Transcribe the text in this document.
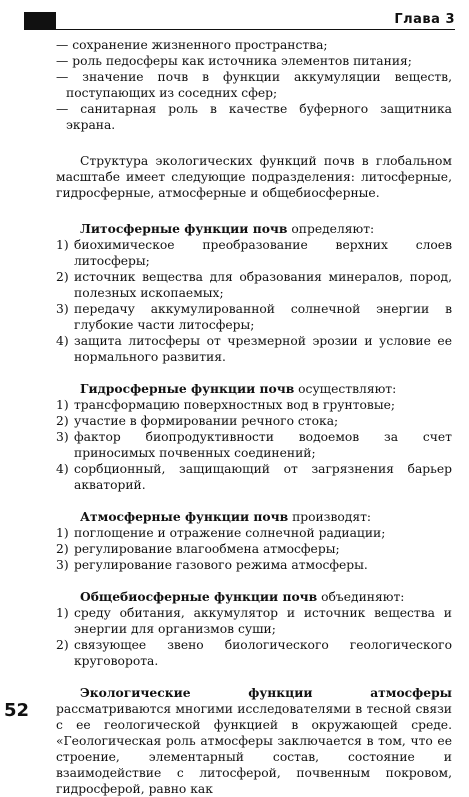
Глава 3
— сохранение жизненного пространства;
— роль педосферы как источника элементов питания;
— значение почв в функции аккумуляции веществ, поступающих из соседних сфер;
— санитарная роль в качестве буферного защитника экрана.
Структура экологических функций почв в глобальном масштабе имеет следующие подразделения: литосферные, гидросферные, атмосферные и общебиосферные.
Литосферные функции почв определяют:
1) биохимическое преобразование верхних слоев литосферы;
2) источник вещества для образования минералов, пород, полезных ископаемых;
3) передачу аккумулированной солнечной энергии в глубокие части литосферы;
4) защита литосферы от чрезмерной эрозии и условие ее нормального развития.
Гидросферные функции почв осуществляют:
1) трансформацию поверхностных вод в грунтовые;
2) участие в формировании речного стока;
3) фактор биопродуктивности водоемов за счет приносимых почвенных соединений;
4) сорбционный, защищающий от загрязнения барьер акваторий.
Атмосферные функции почв производят:
1) поглощение и отражение солнечной радиации;
2) регулирование влагообмена атмосферы;
3) регулирование газового режима атмосферы.
Общебиосферные функции почв объединяют:
1) среду обитания, аккумулятор и источник вещества и энергии для организмов суши;
2) связующее звено биологического геологического круговорота.
Экологические функции атмосферы рассматриваются многими исследователями в тесной связи с ее геологической функцией в окружающей среде. «Геологическая роль атмосферы заключается в том, что ее строение, элементарный состав, состояние и взаимодействие с литосферой, почвенным покровом, гидросферой, равно как
52
